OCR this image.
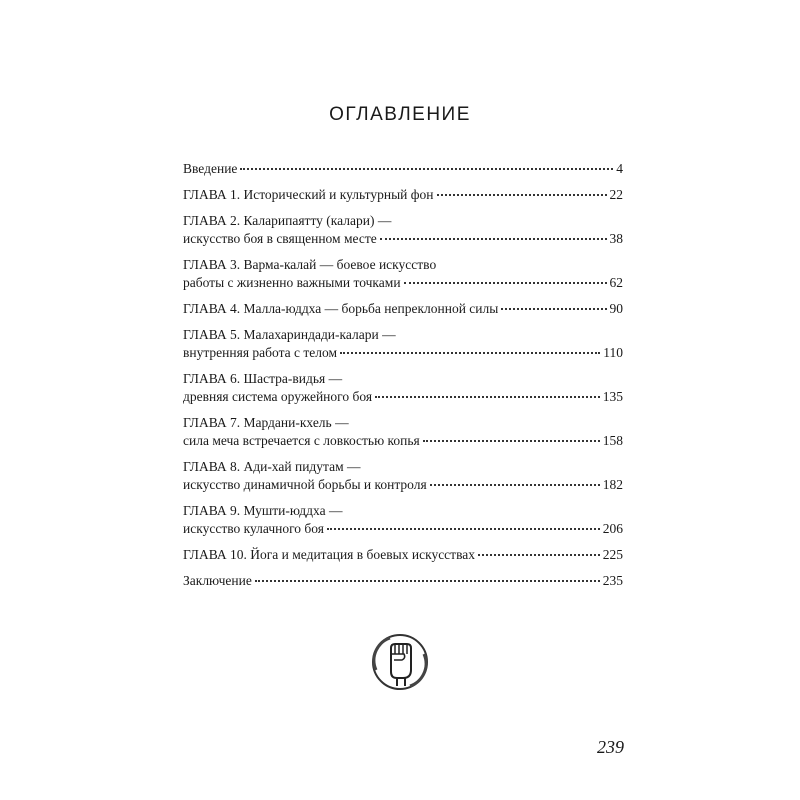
ОГЛАВЛЕНИЕ
Введение	4
ГЛАВА 1. Исторический и культурный фон	22
ГЛАВА 2. Каларипаятту (калари) —
искусство боя в священном месте	38
ГЛАВА 3. Варма-калай — боевое искусство
работы с жизненно важными точками	62
ГЛАВА 4. Малла-юддха — борьба непреклонной силы	90
ГЛАВА 5. Малахариндади-калари —
внутренняя работа с телом	110
ГЛАВА 6. Шастра-видья —
древняя система оружейного боя	135
ГЛАВА 7. Мардани-кхель —
сила меча встречается с ловкостью копья	158
ГЛАВА 8. Ади-хай пидутам —
искусство динамичной борьбы и контроля	182
ГЛАВА 9. Мушти-юддха —
искусство кулачного боя	206
ГЛАВА 10. Йога и медитация в боевых искусствах	225
Заключение	235
239
